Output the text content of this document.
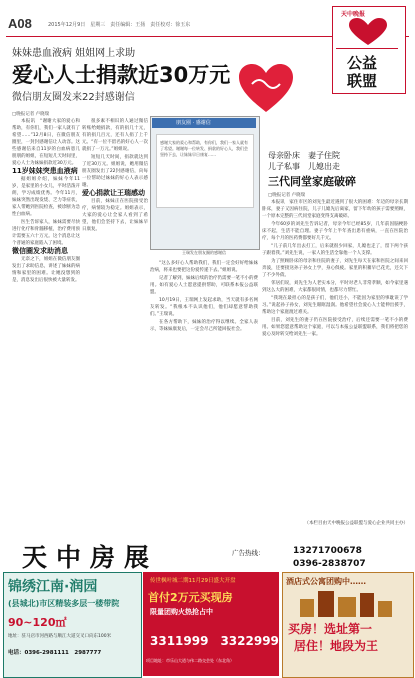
A08	2015年12月9日　星期三　责任编辑：王扬　责任校对：徐玉东
天中晚报
公益
联盟
妹妹患血液病 姐姐网上求助
爱心人士捐款近30万元
微信朋友圈发来22封感谢信
□晚报记者 卢晓瑞

本报讯　“谢谢大家的爱心和帮助，有你们，我们一家人就有了希望……”12月8日，在微信朋友圈里，一封封感谢信让人动容。这些感谢信来自11岁的白血病患儿朋朋的姐姐，在短短几天时间里，爱心人士为妹妹捐款近30万元。

11岁妹妹突患血液病

据姐姐介绍，妹妹今年11岁，是家里的小女儿，平时活泼开朗，学习成绩优秀。今年11月，妹妹突然出现发烧、乏力等症状，家人带她到医院检查，被诊断为急性白血病。

医生告诉家人，妹妹需要尽快进行化疗和骨髓移植，治疗费用预计需要五六十万元。这个消息让这个普通的家庭陷入了困境。

微信圈发求助消息

无奈之下，姐姐在微信朋友圈发出了求助信息，讲述了妹妹的病情和家里的困难。让她没想到的是，消息发出后很快被大量转发。

很多素不相识的人通过微信转账给她捐款，有的捐几十元，有的捐几百元，还有人捐了上千元。“有一位不留名的好心人一次就捐了一万元。”姐姐说。

短短几天时间，捐款就达到了近30万元。姐姐说，她用微信朋友圈发出了22封感谢信，向每一位帮助过妹妹的好心人表示感谢。

爱心捐款让王瑞感动

目前，妹妹正在医院接受治疗，病情较为稳定。姐姐表示，大家的爱心让全家人看到了希望，他们会坚持下去，让妹妹早日康复。

朋友圈 · 感谢信
感谢大家的爱心和帮助，有你们，我们一家人就有了希望。谢谢每一位转发、捐款的好心人，我们会坚持下去，让妹妹早日康复……
王瑞发在朋友圈的感谢信

“这么多好心人帮助我们，我们一定会好好给妹妹治病，将来也要把这份爱传递下去。”姐姐说。

记者了解到，妹妹后续的治疗仍需要一笔不小的费用。如有爱心人士愿意提供帮助，可联系本报公益联盟。

10月19日，王瑞网上发起求助，当天就有多名网友转发。“我根本不认识他们，他们却愿意帮助我们。”王瑞说。

在各方帮助下，妹妹的治疗得以继续。全家人表示，等妹妹康复后，一定会尽己所能回报社会。

母亲卧床　妻子住院
儿子私事　儿媳出走
三代同堂家庭破碎
□晚报记者 卢晓瑞

本报讯　家住市区的刘先生最近遇到了很大的困难：年迈的母亲长期卧床，妻子又因病住院，儿子儿媳先后离家，留下年幼的孩子需要照顾，一个原本完整的三代同堂家庭变得支离破碎。

今年60岁的刘先生告诉记者，母亲今年已经85岁，几年前因脑梗卧床不起，生活不能自理。妻子今年上半年查出患有重病，一直在医院治疗，每个月的医药费都要好几千元。

“儿子前几年出去打工，后来就很少回家，儿媳也走了，留下两个孩子跟着我。”刘先生说，一家人的生活全靠他一个人支撑。

为了照顾卧床的母亲和住院的妻子，刘先生每天在家和医院之间来回奔波，还要接送孙子孙女上学，身心俱疲。家里的积蓄早已花光，还欠下了不少外债。

邻居们说，刘先生为人老实本分，平时对老人非常孝顺，如今家里遇到这么大的困难，大家都很同情，也都尽力帮忙。

“我现在最担心的是孩子们，他们还小，不能因为家里的事耽误了学习。”说起孙子孙女，刘先生眼眶湿润。他希望社会爱心人士能伸出援手，帮助这个家庭渡过难关。

目前，刘先生的妻子仍在医院接受治疗，后续还需要一笔不小的费用。如果您愿意帮助这个家庭，可以与本报公益联盟联系，我们将把您的爱心及时转交给刘先生一家。

（本栏目由天中晚报公益联盟与爱心企业共同主办）
天中房展	广告热线：	13271700678
0396-2838707
锦绣江南·润园
(县城北)市区精装多层一楼带院
90~120㎡
地址：驻马店市河西路与顺江大道交叉口向东100米
电话：0396-2981111　2987777
传世枫叶城二期11月29日盛大开盘
首付2万元买现房
限量团购火热抢占中
3311999　3322999
项目地址：市乐山大道与伟二路交会处（东北角）
酒店式公寓团购中……
买房！选址第一
居住！地段为王
